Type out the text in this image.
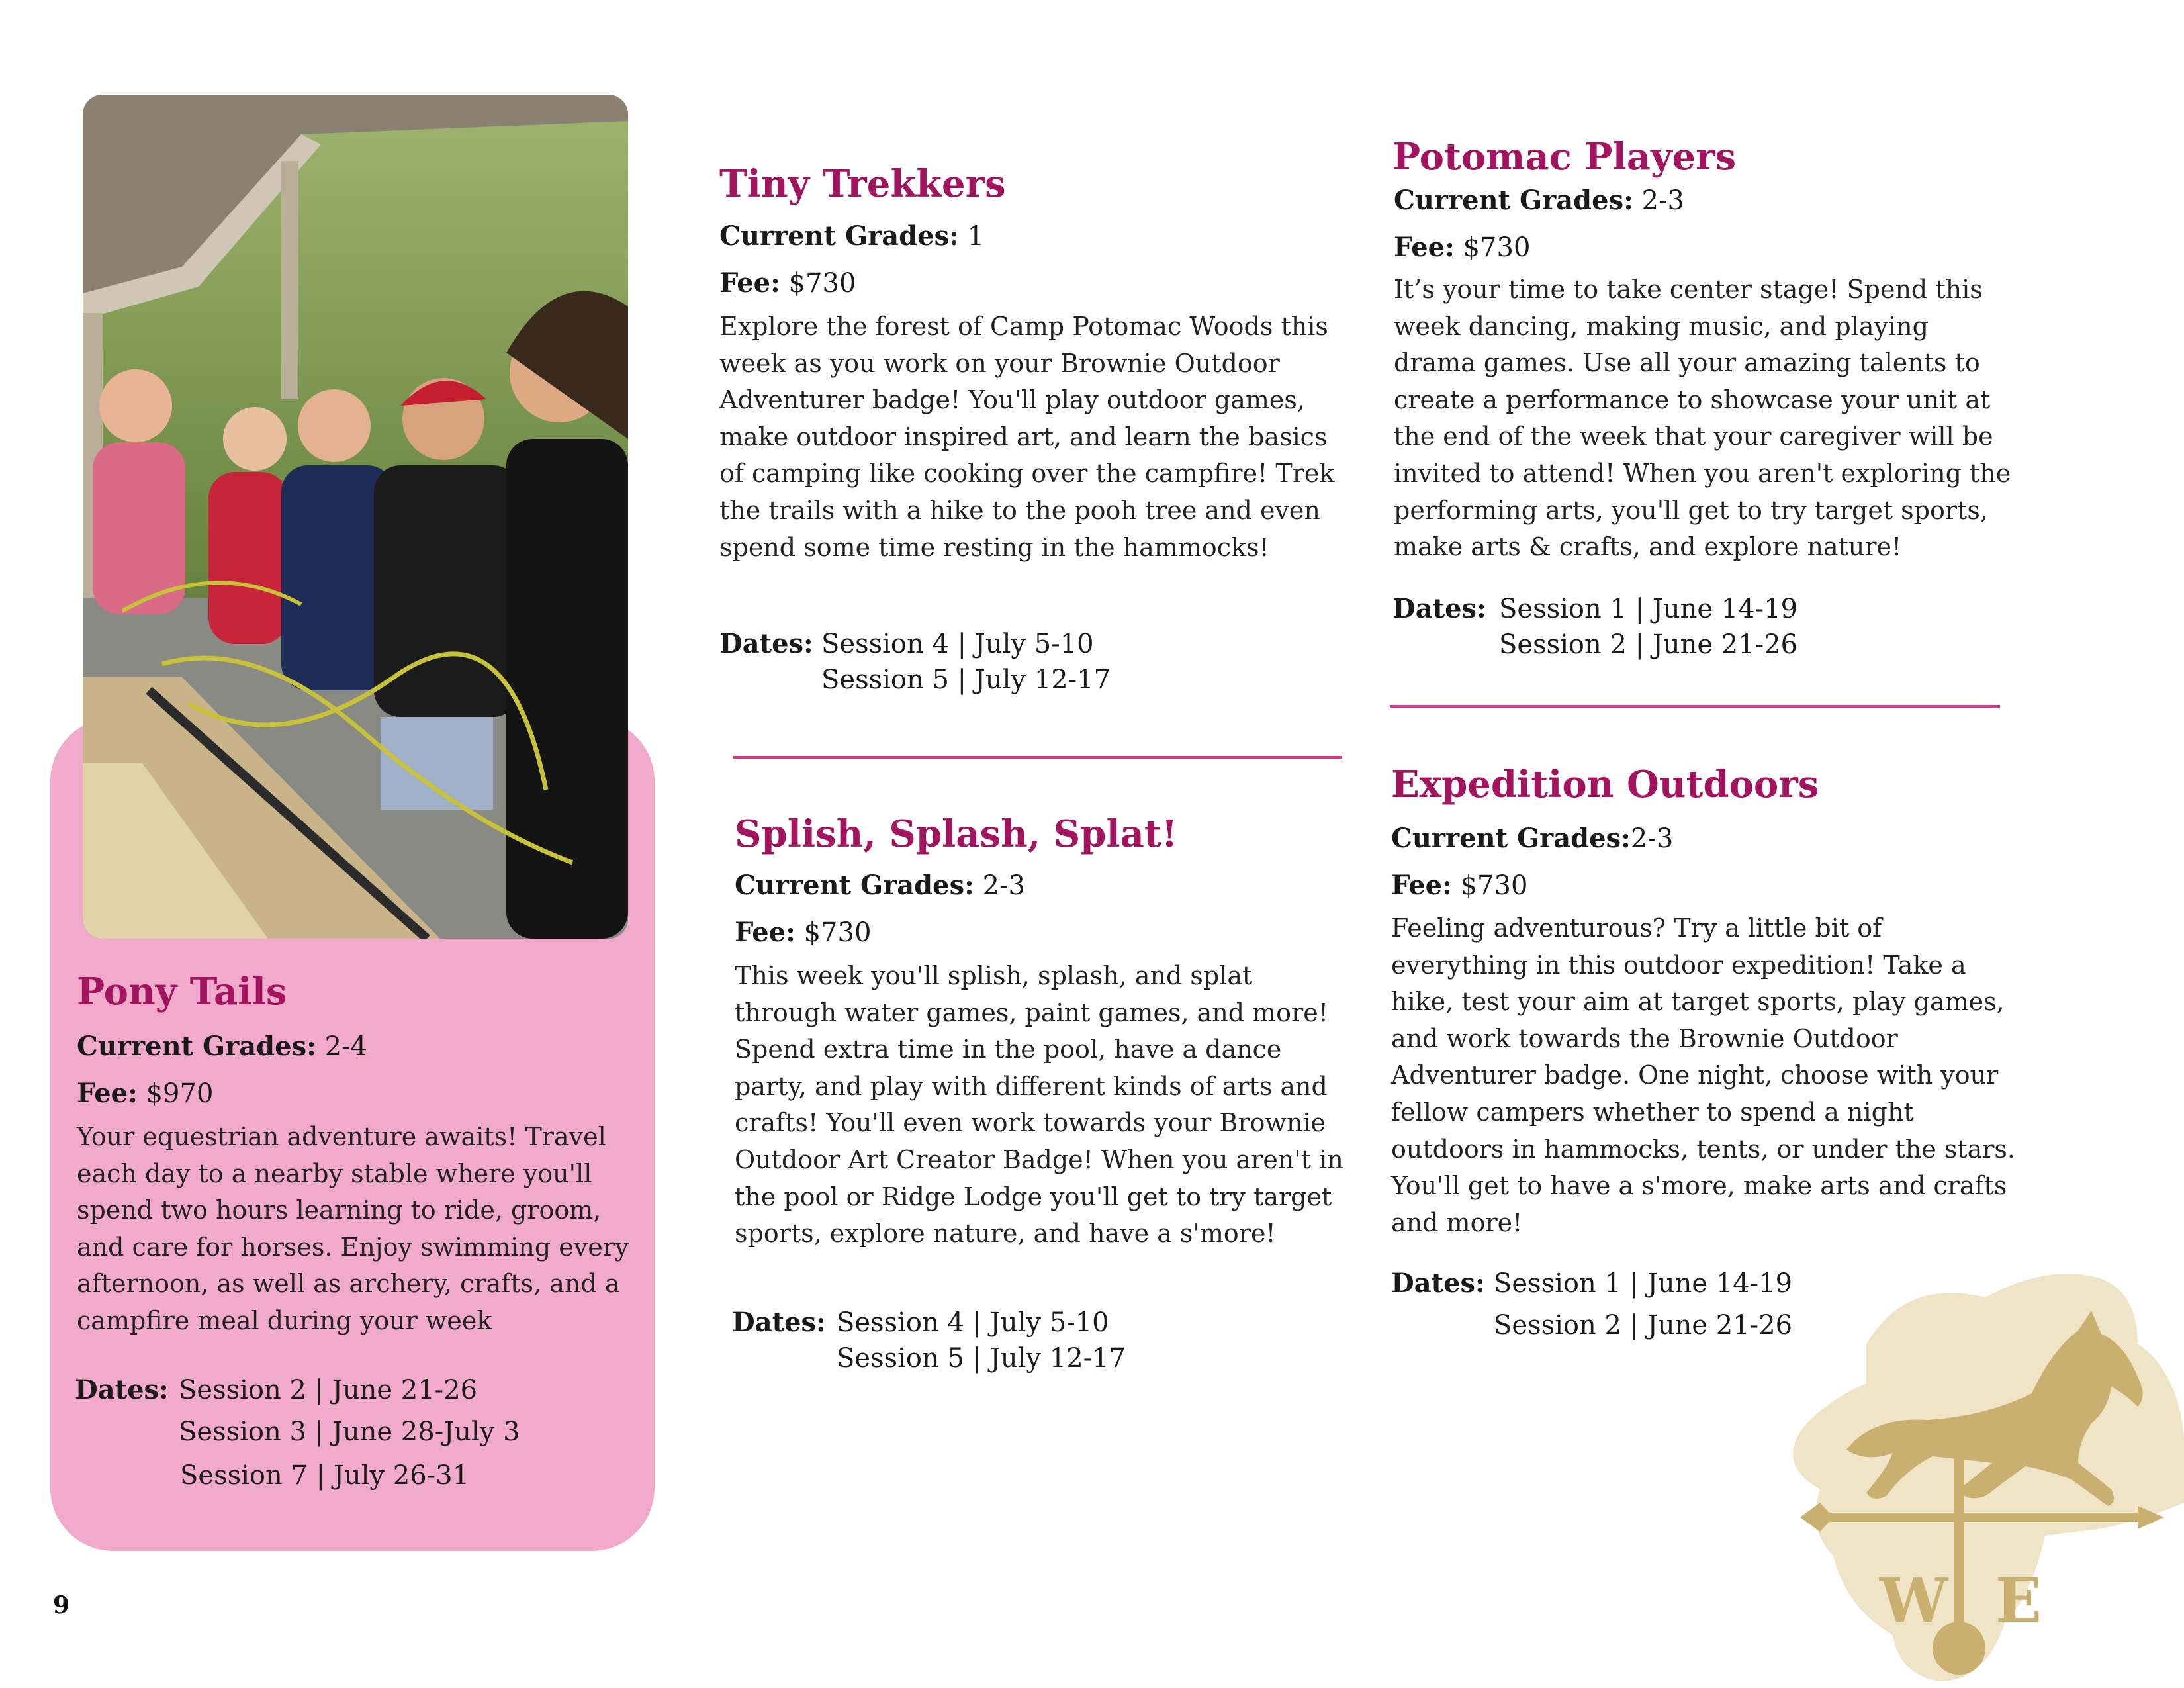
Pony Tails
Current Grades: 2-4
Fee: $970

Your equestrian adventure awaits! Travel each day to a nearby stable where you'll spend two hours learning to ride, groom, and care for horses. Enjoy swimming every afternoon, as well as archery, crafts, and a campfire meal during your week

Dates: Session 2 | June 21-26
Session 3 | June 28-July 3
Session 7 | July 26-31
Tiny Trekkers
Current Grades: 1
Fee: $730

Explore the forest of Camp Potomac Woods this week as you work on your Brownie Outdoor Adventurer badge! You'll play outdoor games, make outdoor inspired art, and learn the basics of camping like cooking over the campfire! Trek the trails with a hike to the pooh tree and even spend some time resting in the hammocks!

Dates: Session 4 | July 5-10
Session 5 | July 12-17
Splish, Splash, Splat!
Current Grades: 2-3
Fee: $730

This week you'll splish, splash, and splat through water games, paint games, and more! Spend extra time in the pool, have a dance party, and play with different kinds of arts and crafts! You'll even work towards your Brownie Outdoor Art Creator Badge! When you aren't in the pool or Ridge Lodge you'll get to try target sports, explore nature, and have a s'more!

Dates: Session 4 | July 5-10
Session 5 | July 12-17
Potomac Players
Current Grades: 2-3
Fee: $730

It’s your time to take center stage! Spend this week dancing, making music, and playing drama games. Use all your amazing talents to create a performance to showcase your unit at the end of the week that your caregiver will be invited to attend! When you aren't exploring the performing arts, you'll get to try target sports, make arts & crafts, and explore nature!

Dates: Session 1 | June 14-19
Session 2 | June 21-26
Expedition Outdoors
Current Grades:2-3
Fee: $730

Feeling adventurous? Try a little bit of everything in this outdoor expedition! Take a hike, test your aim at target sports, play games, and work towards the Brownie Outdoor Adventurer badge. One night, choose with your fellow campers whether to spend a night outdoors in hammocks, tents, or under the stars. You'll get to have a s'more, make arts and crafts and more!

Dates: Session 1 | June 14-19
Session 2 | June 21-26
W E
9
